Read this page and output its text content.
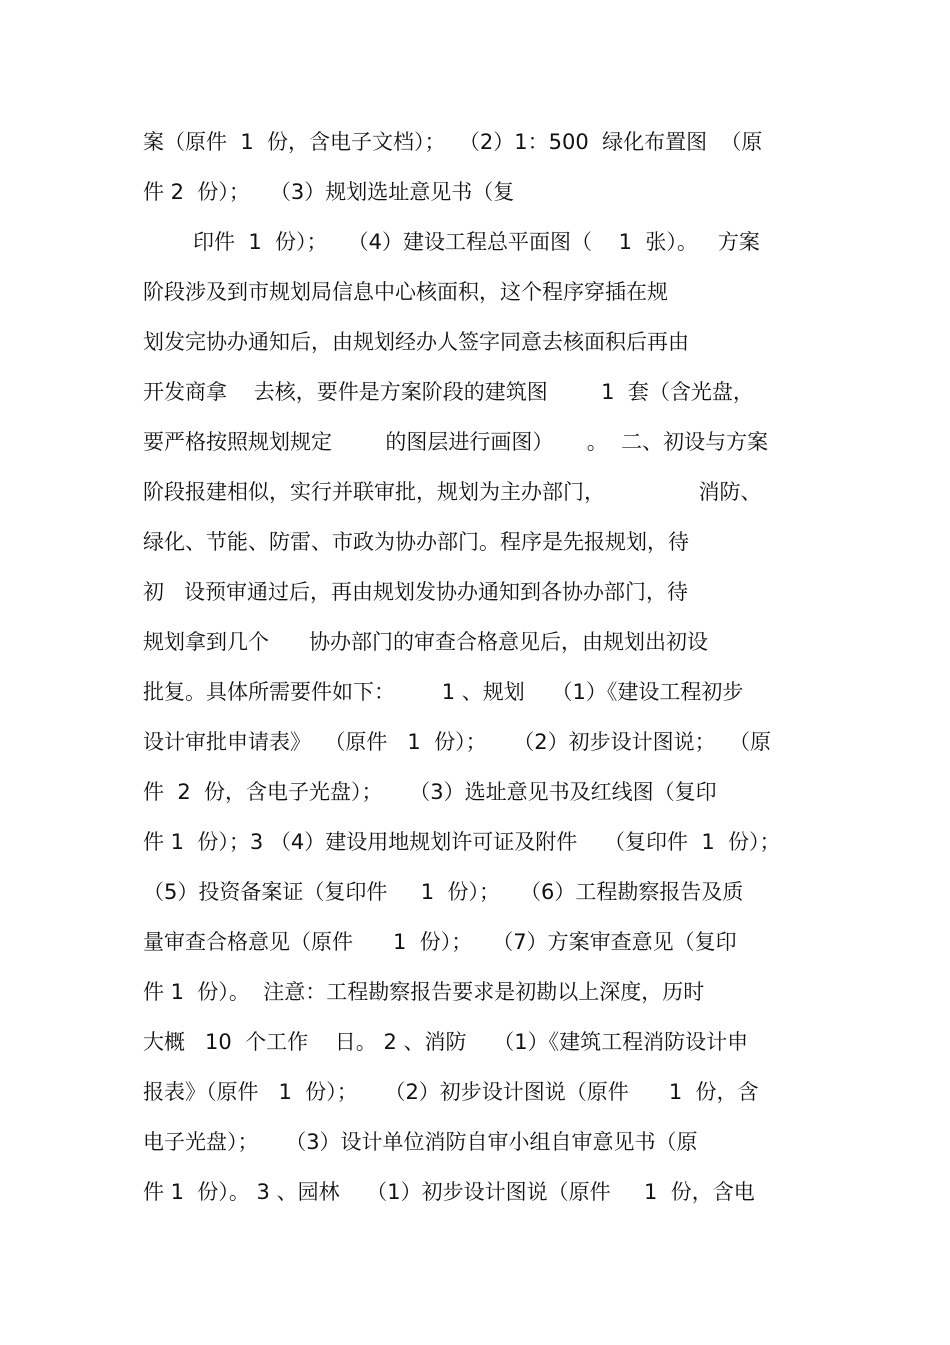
案（原件  1  份，含电子文档）；  （2）1：500  绿化布置图  （原
件 2  份）；   （3）规划选址意见书（复
印件  1  份）；   （4）建设工程总平面图（    1  张）。   方案
阶段涉及到市规划局信息中心核面积，这个程序穿插在规
划发完协办通知后，由规划经办人签字同意去核面积后再由
开发商拿    去核，要件是方案阶段的建筑图        1  套（含光盘，
要严格按照规划规定        的图层进行画图）     。  二、初设与方案
阶段报建相似，实行并联审批，规划为主办部门，              消防、
绿化、节能、防雷、市政为协办部门。程序是先报规划，待
初   设预审通过后，再由规划发协办通知到各协办部门，待
规划拿到几个      协办部门的审查合格意见后，由规划出初设
批复。具体所需要件如下：       1 、规划    （1）《建设工程初步
设计审批申请表》  （原件   1  份）；    （2）初步设计图说；  （原
件  2  份，含电子光盘）；    （3）选址意见书及红线图（复印
件 1  份）；3 （4）建设用地规划许可证及附件    （复印件  1  份）；
（5）投资备案证（复印件     1  份）；   （6）工程勘察报告及质
量审查合格意见（原件      1  份）；   （7）方案审查意见（复印
件 1  份）。  注意：工程勘察报告要求是初勘以上深度，历时
大概   10  个工作    日。 2 、消防    （1）《建筑工程消防设计申
报表》（原件   1  份）；    （2）初步设计图说（原件      1  份，含
电子光盘）；    （3）设计单位消防自审小组自审意见书（原
件 1  份）。 3 、园林    （1）初步设计图说（原件     1  份，含电
